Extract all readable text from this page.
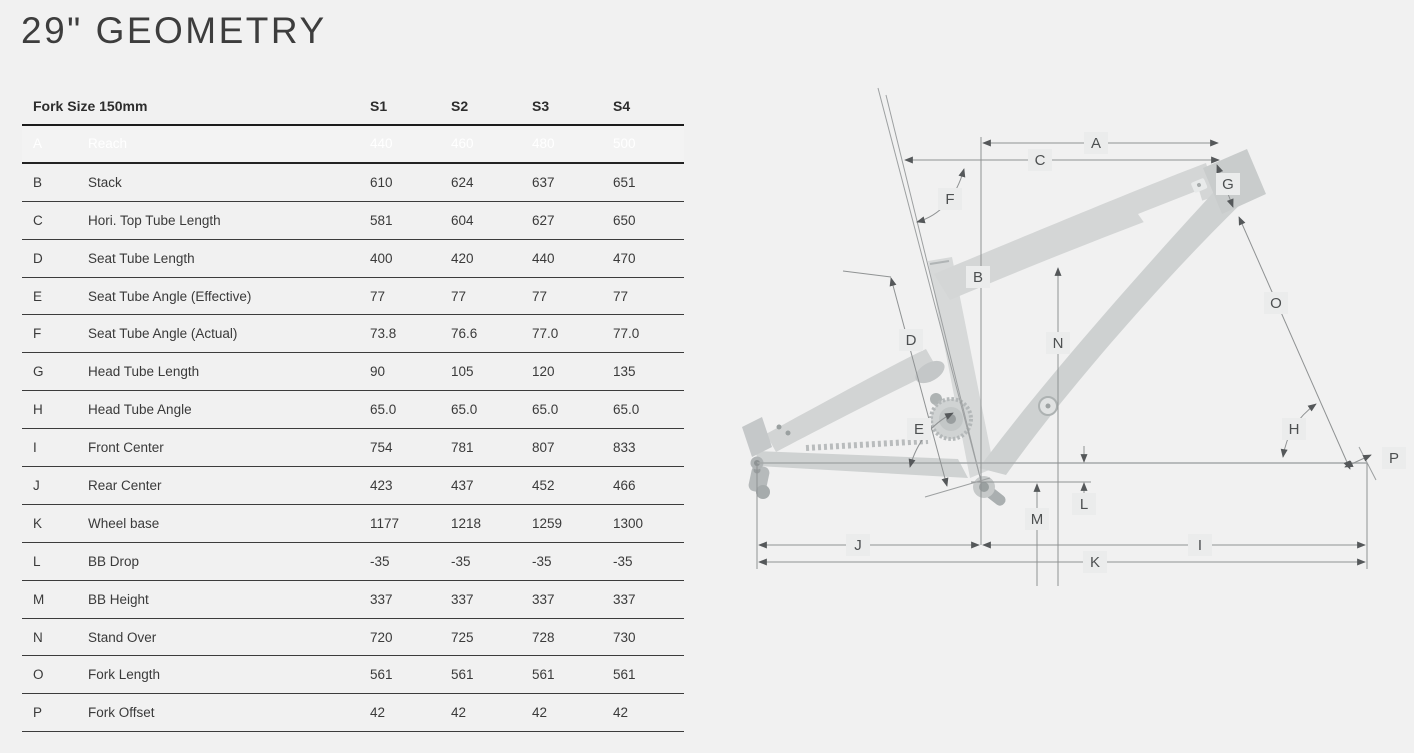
29" GEOMETRY
Fork Size 150mm	S1	S2	S3	S4
A	Reach	440	460	480	500
B	Stack	610	624	637	651
C	Hori. Top Tube Length	581	604	627	650
D	Seat Tube Length	400	420	440	470
E	Seat Tube Angle (Effective)	77	77	77	77
F	Seat Tube Angle (Actual)	73.8	76.6	77.0	77.0
G	Head Tube Length	90	105	120	135
H	Head Tube Angle	65.0	65.0	65.0	65.0
I	Front Center	754	781	807	833
J	Rear Center	423	437	452	466
K	Wheel base	1177	1218	1259	1300
L	BB Drop	-35	-35	-35	-35
M	BB Height	337	337	337	337
N	Stand Over	720	725	728	730
O	Fork Length	561	561	561	561
P	Fork Offset	42	42	42	42
A
B
C
D
E
F
G
H
I
J
K
L
M
N
O
P
